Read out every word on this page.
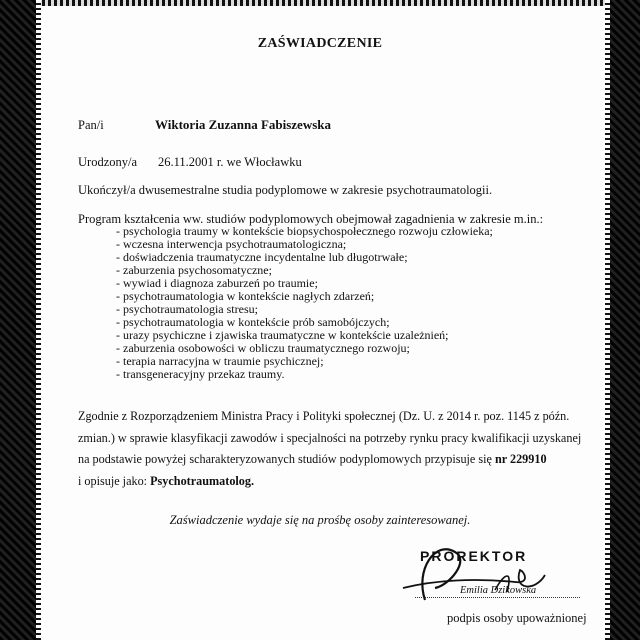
ZAŚWIADCZENIE
Pan/i	Wiktoria Zuzanna Fabiszewska
Urodzony/a 26.11.2001 r. we Włocławku
Ukończył/a dwusemestralne studia podyplomowe w zakresie psychotraumatologii.
Program kształcenia ww. studiów podyplomowych obejmował zagadnienia w zakresie m.in.:
- psychologia traumy w kontekście biopsychospołecznego rozwoju człowieka;
- wczesna interwencja psychotraumatologiczna;
- doświadczenia traumatyczne incydentalne lub długotrwałe;
- zaburzenia psychosomatyczne;
- wywiad i diagnoza zaburzeń po traumie;
- psychotraumatologia w kontekście nagłych zdarzeń;
- psychotraumatologia stresu;
- psychotraumatologia w kontekście prób samobójczych;
- urazy psychiczne i zjawiska traumatyczne w kontekście uzależnień;
- zaburzenia osobowości w obliczu traumatycznego rozwoju;
- terapia narracyjna w traumie psychicznej;
- transgeneracyjny przekaz traumy.
Zgodnie z Rozporządzeniem Ministra Pracy i Polityki społecznej (Dz. U. z 2014 r. poz. 1145 z późn.
zmian.) w sprawie klasyfikacji zawodów i specjalności na potrzeby rynku pracy kwalifikacji uzyskanej
na podstawie powyżej scharakteryzowanych studiów podyplomowych przypisuje się nr 229910
i opisuje jako: Psychotraumatolog.
Zaświadczenie wydaje się na prośbę osoby zainteresowanej.
PROREKTOR
Emilia Dzikowska
podpis osoby upoważnionej
